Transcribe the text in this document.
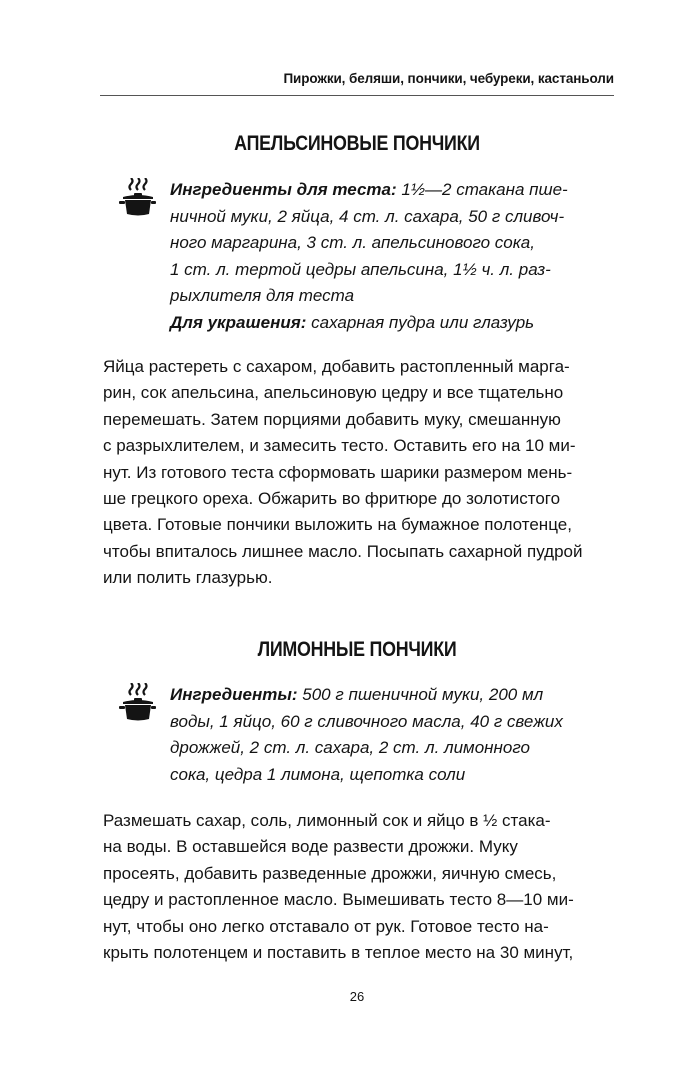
Пирожки, беляши, пончики, чебуреки, кастаньоли
АПЕЛЬСИНОВЫЕ ПОНЧИКИ
Ингредиенты для теста: 1½—2 стакана пше-
ничной муки, 2 яйца, 4 ст. л. сахара, 50 г сливоч-
ного маргарина, 3 ст. л. апельсинового сока,
1 ст. л. тертой цедры апельсина, 1½ ч. л. раз-
рыхлителя для теста
Для украшения: сахарная пудра или глазурь
Яйца растереть с сахаром, добавить растопленный марга-
рин, сок апельсина, апельсиновую цедру и все тщательно
перемешать. Затем порциями добавить муку, смешанную
с разрыхлителем, и замесить тесто. Оставить его на 10 ми-
нут. Из готового теста сформовать шарики размером мень-
ше грецкого ореха. Обжарить во фритюре до золотистого
цвета. Готовые пончики выложить на бумажное полотенце,
чтобы впиталось лишнее масло. Посыпать сахарной пудрой
или полить глазурью.
ЛИМОННЫЕ ПОНЧИКИ
Ингредиенты: 500 г пшеничной муки, 200 мл
воды, 1 яйцо, 60 г сливочного масла, 40 г свежих
дрожжей, 2 ст. л. сахара, 2 ст. л. лимонного
сока, цедра 1 лимона, щепотка соли
Размешать сахар, соль, лимонный сок и яйцо в ½ стака-
на воды. В оставшейся воде развести дрожжи. Муку
просеять, добавить разведенные дрожжи, яичную смесь,
цедру и растопленное масло. Вымешивать тесто 8—10 ми-
нут, чтобы оно легко отставало от рук. Готовое тесто на-
крыть полотенцем и поставить в теплое место на 30 минут,
26
